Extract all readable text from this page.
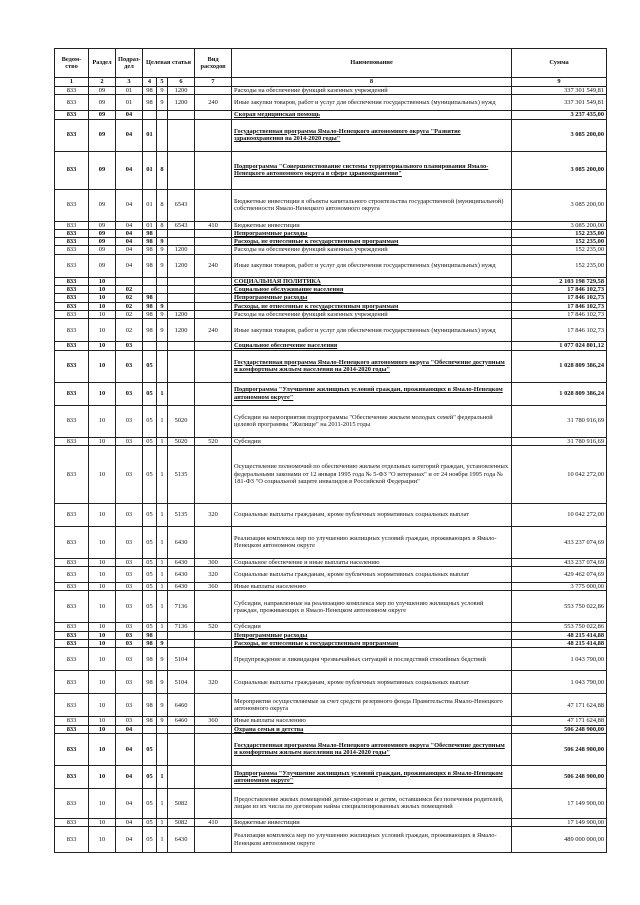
Ведом-ство	Раздел	Подраз-дел	Целевая статья			Вид расходов	Наименование	Сумма
1	2	3	4	5	6	7	8	9
833	09	01	98	9	1200		Расходы на обеспечение функций казенных учреждений	337 301 549,81
833	09	01	98	9	1200	240	Иные закупки товаров, работ и услуг для обеспечения государственных (муниципальных) нужд	337 301 549,81
833	09	04					Скорая медицинская помощь	3 237 435,00
833	09	04	01				Государственная программа Ямало-Ненецкого автономного округа "Развитие здравоохранения на 2014-2020 годы"	3 085 200,00
833	09	04	01	8			Подпрограмма "Совершенствование системы территориального планирования Ямало-Ненецкого автономного округа в сфере здравоохранения"	3 085 200,00
833	09	04	01	8	6543		Бюджетные инвестиции в объекты капитального строительства государственной (муниципальной) собственности Ямало-Ненецкого автономного округа	3 085 200,00
833	09	04	01	8	6543	410	Бюджетные инвестиции	3 085 200,00
833	09	04	98				Непрограммные расходы	152 235,00
833	09	04	98	9			Расходы, не отнесенные к государственным программам	152 235,00
833	09	04	98	9	1200		Расходы на обеспечение функций казенных учреждений	152 235,00
833	09	04	98	9	1200	240	Иные закупки товаров, работ и услуг для обеспечения государственных (муниципальных) нужд	152 235,00
833	10						СОЦИАЛЬНАЯ ПОЛИТИКА	2 103 198 729,58
833	10	02					Социальное обслуживание населения	17 846 102,73
833	10	02	98				Непрограммные расходы	17 846 102,73
833	10	02	98	9			Расходы, не отнесенные к государственным программам	17 846 102,73
833	10	02	98	9	1200		Расходы на обеспечение функций казенных учреждений	17 846 102,73
833	10	02	98	9	1200	240	Иные закупки товаров, работ и услуг для обеспечения государственных (муниципальных) нужд	17 846 102,73
833	10	03					Социальное обеспечение населения	1 077 024 801,12
833	10	03	05				Государственная программа Ямало-Ненецкого автономного округа "Обеспечение доступным и комфортным жильем населения на 2014-2020 годы"	1 028 809 386,24
833	10	03	05	1			Подпрограмма "Улучшение жилищных условий граждан, проживающих в Ямало-Ненецком автономном округе"	1 028 809 386,24
833	10	03	05	1	5020		Субсидии на мероприятия подпрограммы "Обеспечение жильем молодых семей" федеральной целевой программы "Жилище" на 2011-2015 годы	31 780 916,69
833	10	03	05	1	5020	520	Субсидии	31 780 916,69
833	10	03	05	1	5135		Осуществление полномочий по обеспечению жильем отдельных категорий граждан, установленных федеральными законами от 12 января 1995 года № 5-ФЗ "О ветеранах" и от 24 ноября 1995 года № 181-ФЗ "О социальной защите инвалидов в Российской Федерации"	10 042 272,00
833	10	03	05	1	5135	320	Социальные выплаты гражданам, кроме публичных нормативных социальных выплат	10 042 272,00
833	10	03	05	1	6430		Реализация комплекса мер по улучшению жилищных условий граждан, проживающих в Ямало-Ненецком автономном округе	433 237 074,69
833	10	03	05	1	6430	300	Социальное обеспечение и иные выплаты населению	433 237 074,69
833	10	03	05	1	6430	320	Социальные выплаты гражданам, кроме публичных нормативных социальных выплат	429 462 074,69
833	10	03	05	1	6430	360	Иные выплаты населению	3 775 000,00
833	10	03	05	1	7136		Субсидии, направленные на реализацию комплекса мер по улучшению жилищных условий граждан, проживающих в Ямало-Ненецком автономном округе	553 750 022,86
833	10	03	05	1	7136	520	Субсидии	553 750 022,86
833	10	03	98				Непрограммные расходы	48 215 414,88
833	10	03	98	9			Расходы, не отнесенные к государственным программам	48 215 414,88
833	10	03	98	9	5104		Предупреждение и ликвидация чрезвычайных ситуаций и последствий стихийных бедствий	1 043 790,00
833	10	03	98	9	5104	320	Социальные выплаты гражданам, кроме публичных нормативных социальных выплат	1 043 790,00
833	10	03	98	9	6460		Мероприятия осуществляемые за счет средств резервного фонда Правительства Ямало-Ненецкого автономного округа	47 171 624,88
833	10	03	98	9	6460	360	Иные выплаты населению	47 171 624,88
833	10	04					Охрана семьи и детства	506 248 900,00
833	10	04	05				Государственная программа Ямало-Ненецкого автономного округа "Обеспечение доступным и комфортным жильем населения на 2014-2020 годы"	506 248 900,00
833	10	04	05	1			Подпрограмма "Улучшение жилищных условий граждан, проживающих в Ямало-Ненецком автономном округе"	506 248 900,00
833	10	04	05	1	5082		Предоставление жилых помещений детям-сиротам и детям, оставшимся без попечения родителей, лицам из их числа по договорам найма специализированных жилых помещений	17 149 900,00
833	10	04	05	1	5082	410	Бюджетные инвестиции	17 149 900,00
833	10	04	05	1	6430		Реализация комплекса мер по улучшению жилищных условий граждан, проживающих в Ямало-Ненецком автономном округе	489 000 000,00
